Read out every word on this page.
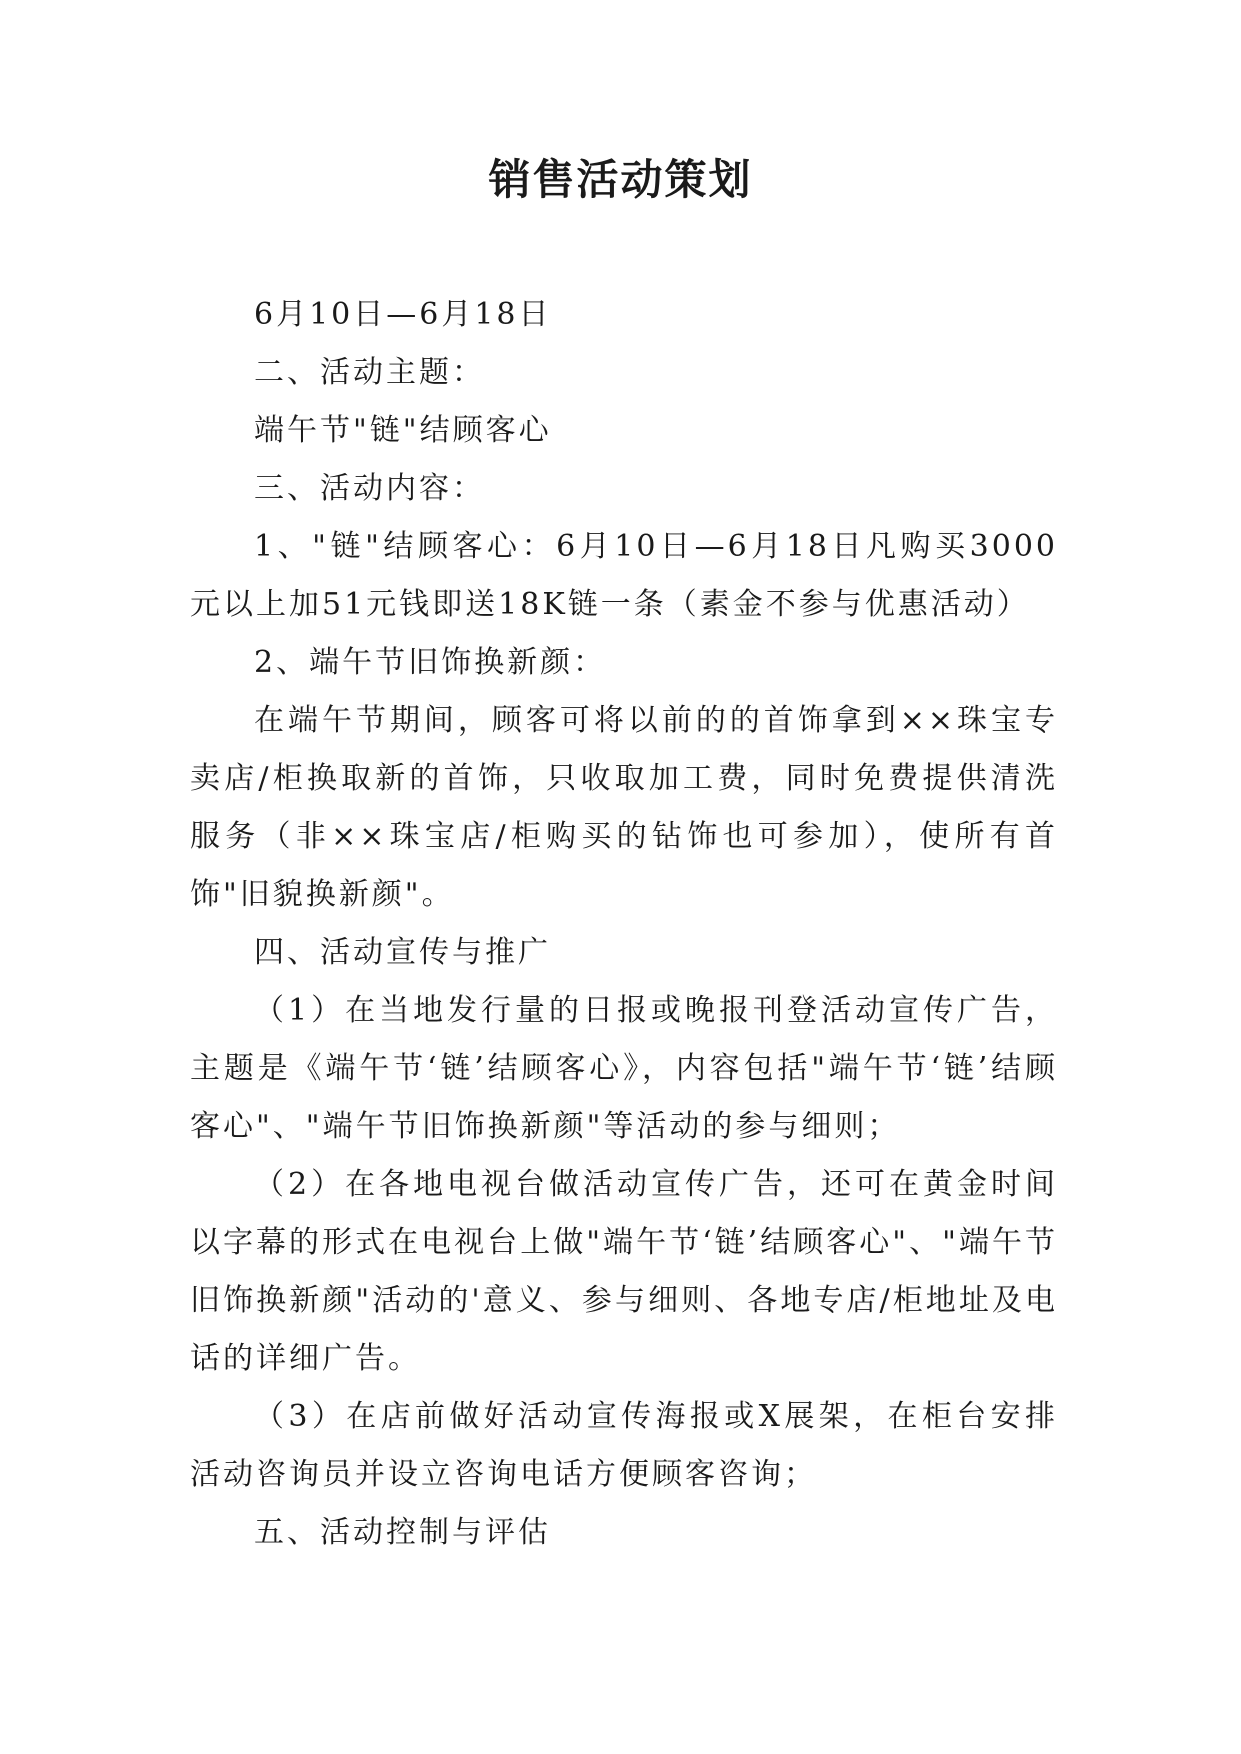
销售活动策划

6月10日—6月18日

二、活动主题：

端午节"链"结顾客心

三、活动内容：

1、"链"结顾客心：6月10日—6月18日凡购买3000元以上加51元钱即送18K链一条（素金不参与优惠活动）

2、端午节旧饰换新颜：

在端午节期间，顾客可将以前的的首饰拿到××珠宝专卖店/柜换取新的首饰，只收取加工费，同时免费提供清洗服务（非××珠宝店/柜购买的钻饰也可参加），使所有首饰"旧貌换新颜"。

四、活动宣传与推广

（1）在当地发行量的日报或晚报刊登活动宣传广告，主题是《端午节‘链’结顾客心》，内容包括"端午节‘链’结顾客心"、"端午节旧饰换新颜"等活动的参与细则；

（2）在各地电视台做活动宣传广告，还可在黄金时间以字幕的形式在电视台上做"端午节‘链’结顾客心"、"端午节旧饰换新颜"活动的'意义、参与细则、各地专店/柜地址及电话的详细广告。

（3）在店前做好活动宣传海报或X展架，在柜台安排活动咨询员并设立咨询电话方便顾客咨询；

五、活动控制与评估
